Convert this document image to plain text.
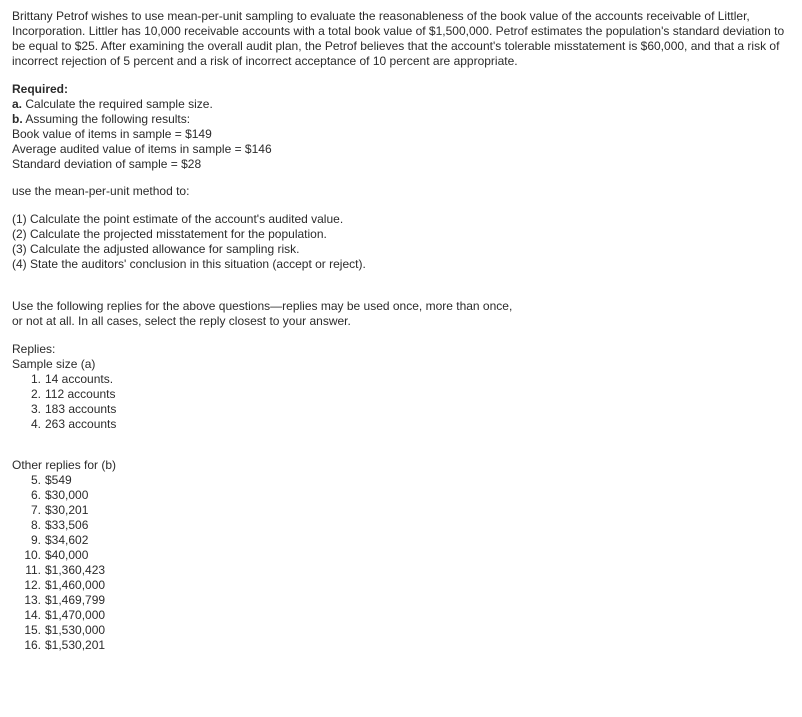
Brittany Petrof wishes to use mean-per-unit sampling to evaluate the reasonableness of the book value of the accounts receivable of Littler, Incorporation. Littler has 10,000 receivable accounts with a total book value of $1,500,000. Petrof estimates the population's standard deviation to be equal to $25. After examining the overall audit plan, the Petrof believes that the account's tolerable misstatement is $60,000, and that a risk of incorrect rejection of 5 percent and a risk of incorrect acceptance of 10 percent are appropriate.

Required:

a. Calculate the required sample size.

b. Assuming the following results:

Book value of items in sample = $149

Average audited value of items in sample = $146

Standard deviation of sample = $28

use the mean-per-unit method to:

(1) Calculate the point estimate of the account's audited value.

(2) Calculate the projected misstatement for the population.

(3) Calculate the adjusted allowance for sampling risk.

(4) State the auditors' conclusion in this situation (accept or reject).

Use the following replies for the above questions—replies may be used once, more than once,

or not at all. In all cases, select the reply closest to your answer.

Replies:

Sample size (a)

1. 14 accounts.
2. 112 accounts
3. 183 accounts
4. 263 accounts

Other replies for (b)

5. $549
6. $30,000
7. $30,201
8. $33,506
9. $34,602
10. $40,000
11. $1,360,423
12. $1,460,000
13. $1,469,799
14. $1,470,000
15. $1,530,000
16. $1,530,201
